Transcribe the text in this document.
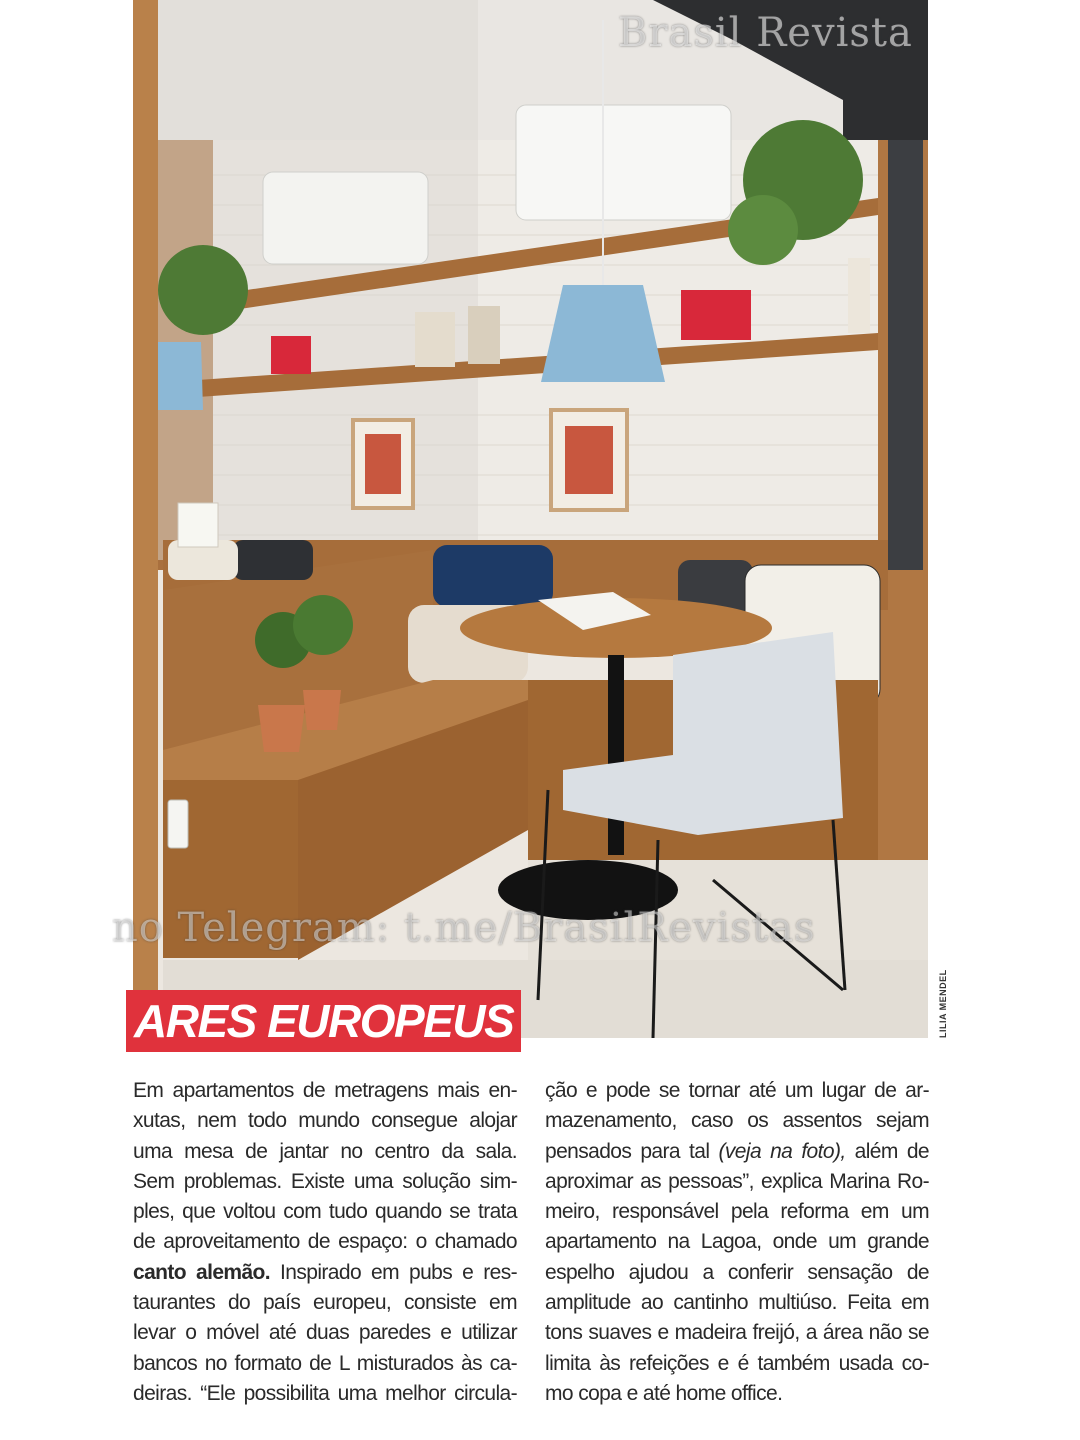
Brasil Revista
no Telegram: t.me/BrasilRevistas
LILIA MENDEL
ARES EUROPEUS
Em apartamentos de metragens mais en-
xutas, nem todo mundo consegue alojar
uma mesa de jantar no centro da sala.
Sem problemas. Existe uma solução sim-
ples, que voltou com tudo quando se trata
de aproveitamento de espaço: o chamado
canto alemão. Inspirado em pubs e res-
taurantes do país europeu, consiste em
levar o móvel até duas paredes e utilizar
bancos no formato de L misturados às ca-
deiras. “Ele possibilita uma melhor circula-
ção e pode se tornar até um lugar de ar-
mazenamento, caso os assentos sejam
pensados para tal (veja na foto), além de
aproximar as pessoas”, explica Marina Ro-
meiro, responsável pela reforma em um
apartamento na Lagoa, onde um grande
espelho ajudou a conferir sensação de
amplitude ao cantinho multiúso. Feita em
tons suaves e madeira freijó, a área não se
limita às refeições e é também usada co-
mo copa e até home office.
